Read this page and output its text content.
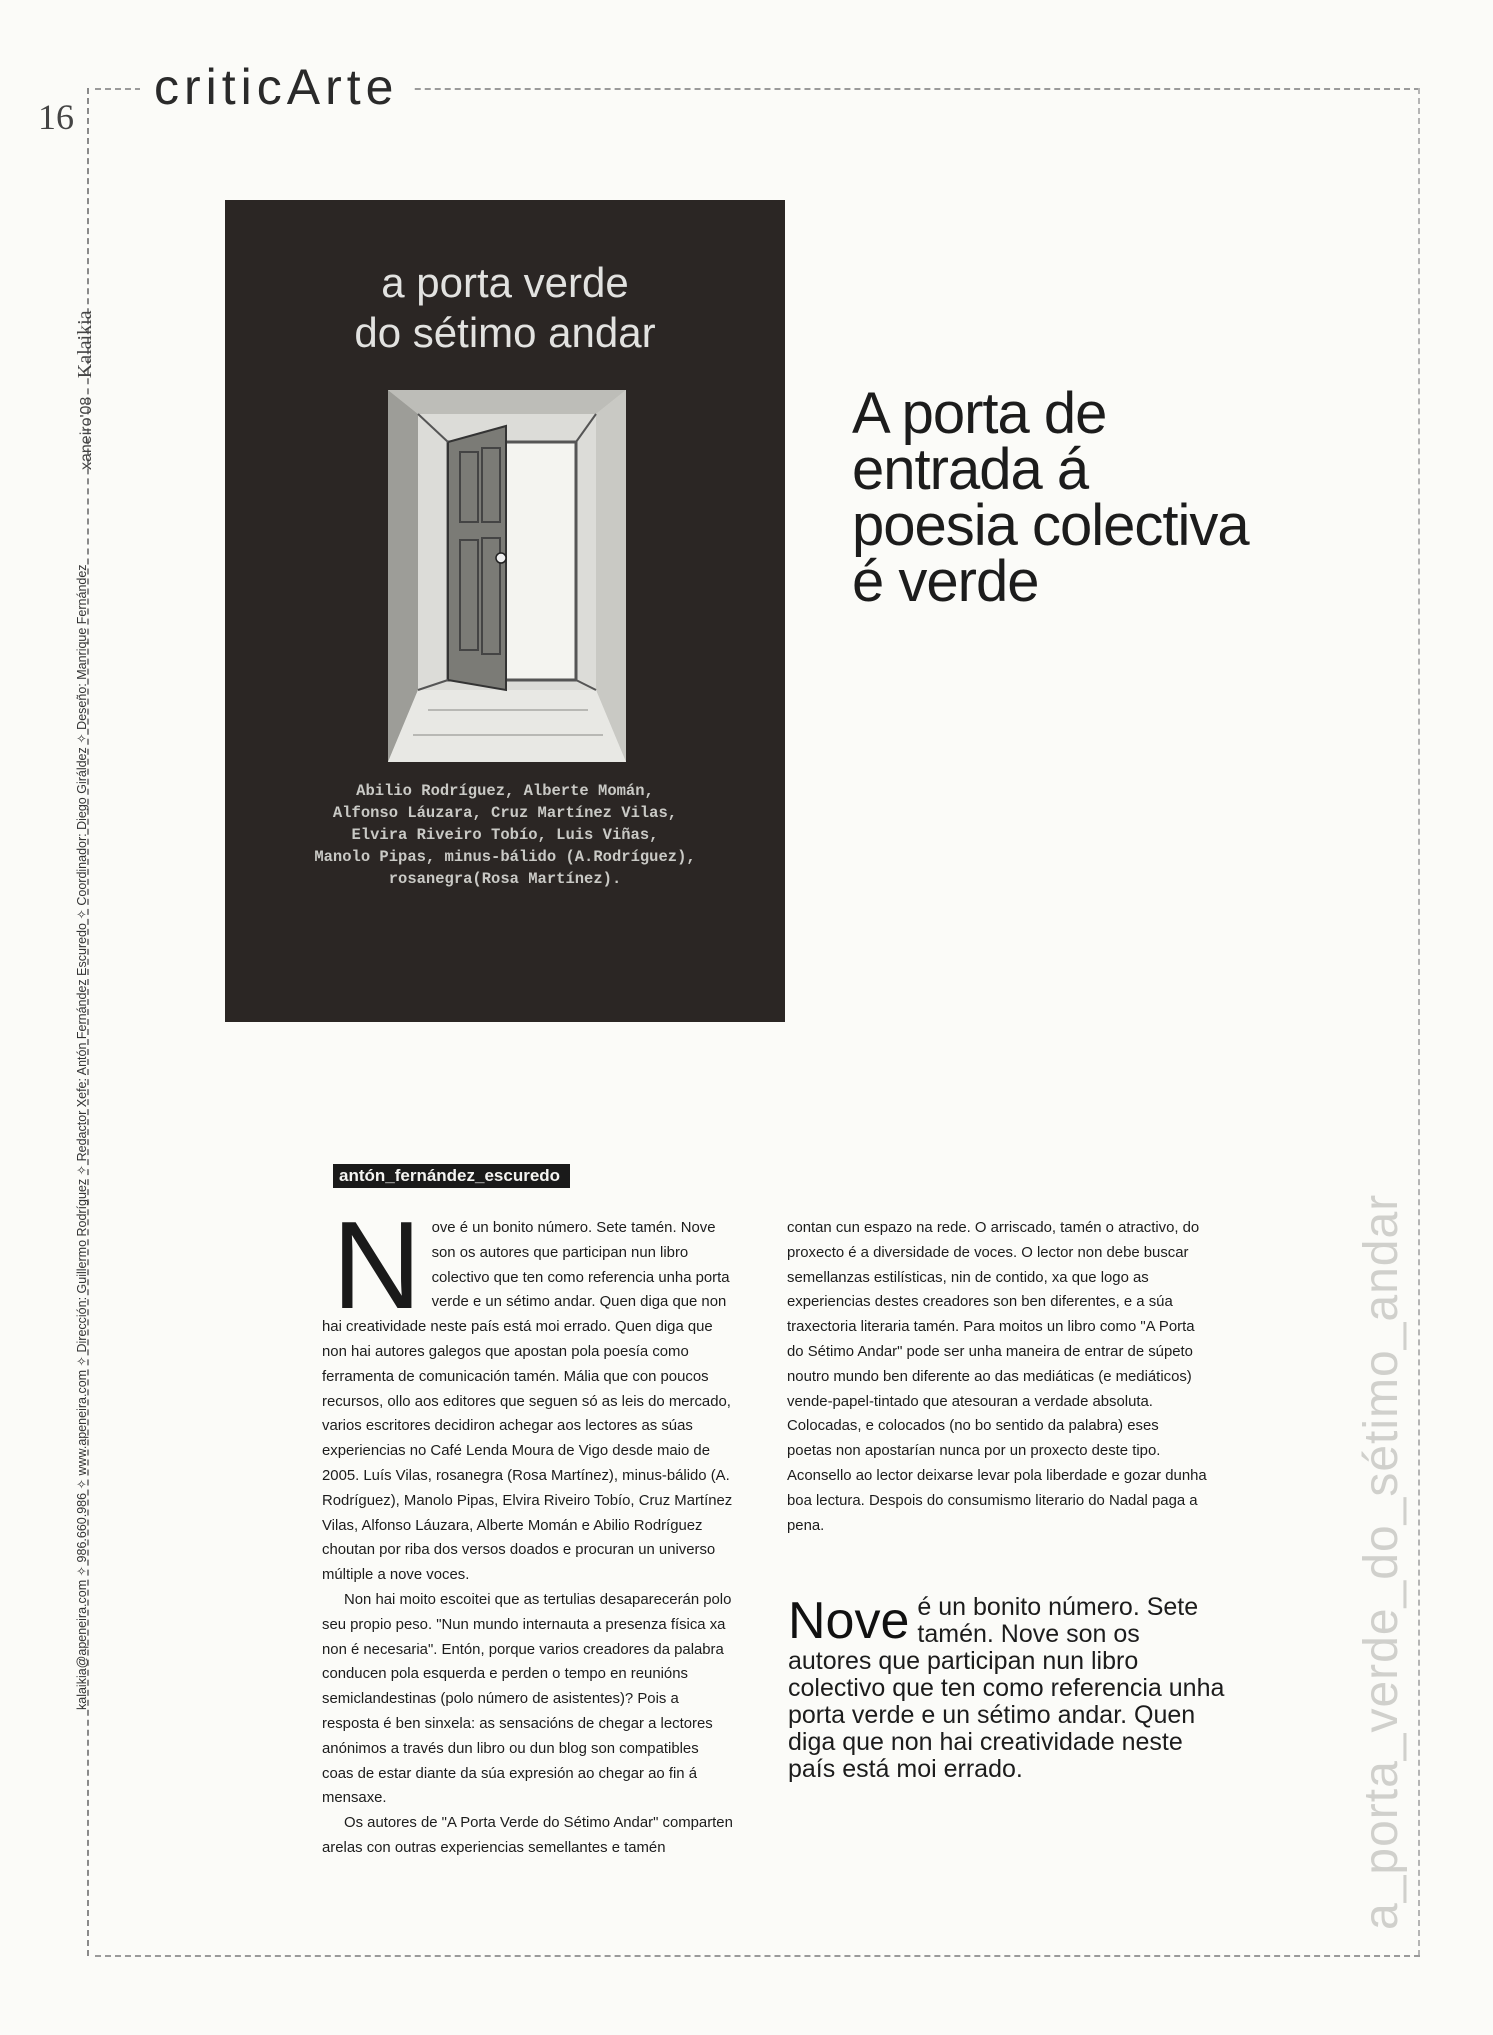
16
criticArte
xaneiro'08 Kalaikia
kalaikia@apeneira.com ✧ 986.660.986 ✧ www.apeneira.com ✧ Dirección: Guillermo Rodríguez ✧ Redactor Xefe: Antón Fernández Escuredo ✧ Coordinador: Diego Giráldez ✧ Deseño: Manrique Fernández
a porta verde
do sétimo andar
Abilio Rodríguez, Alberte Momán,
Alfonso Láuzara, Cruz Martínez Vilas,
Elvira Riveiro Tobío, Luis Viñas,
Manolo Pipas, minus-bálido (A.Rodríguez),
rosanegra(Rosa Martínez).
A porta de
entrada á
poesia colectiva
é verde
antón_fernández_escuredo

Nove é un bonito número. Sete tamén. Nove son os autores que participan nun libro colectivo que ten como referencia unha porta verde e un sétimo andar. Quen diga que non hai creatividade neste país está moi errado. Quen diga que non hai autores galegos que apostan pola poesía como ferramenta de comunicación tamén. Mália que con poucos recursos, ollo aos editores que seguen só as leis do mercado, varios escritores decidiron achegar aos lectores as súas experiencias no Café Lenda Moura de Vigo desde maio de 2005. Luís Vilas, rosanegra (Rosa Martínez), minus-bálido (A. Rodríguez), Manolo Pipas, Elvira Riveiro Tobío, Cruz Martínez Vilas, Alfonso Láuzara, Alberte Momán e Abilio Rodríguez choutan por riba dos versos doados e procuran un universo múltiple a nove voces.

Non hai moito escoitei que as tertulias desaparecerán polo seu propio peso. "Nun mundo internauta a presenza física xa non é necesaria". Entón, porque varios creadores da palabra conducen pola esquerda e perden o tempo en reunións semiclandestinas (polo número de asistentes)? Pois a resposta é ben sinxela: as sensacións de chegar a lectores anónimos a través dun libro ou dun blog son compatibles coas de estar diante da súa expresión ao chegar ao fin á mensaxe.

Os autores de "A Porta Verde do Sétimo Andar" comparten arelas con outras experiencias semellantes e tamén

contan cun espazo na rede. O arriscado, tamén o atractivo, do proxecto é a diversidade de voces. O lector non debe buscar semellanzas estilísticas, nin de contido, xa que logo as experiencias destes creadores son ben diferentes, e a súa traxectoria literaria tamén. Para moitos un libro como "A Porta do Sétimo Andar" pode ser unha maneira de entrar de súpeto noutro mundo ben diferente ao das mediáticas (e mediáticos) vende-papel-tintado que atesouran a verdade absoluta. Colocadas, e colocados (no bo sentido da palabra) eses poetas non apostarían nunca por un proxecto deste tipo. Aconsello ao lector deixarse levar pola liberdade e gozar dunha boa lectura. Despois do consumismo literario do Nadal paga a pena.

Nove é un bonito número. Sete tamén. Nove son os autores que participan nun libro colectivo que ten como referencia unha porta verde e un sétimo andar. Quen diga que non hai creatividade neste país está moi errado.	a_porta_verde_do_sétimo_andar
